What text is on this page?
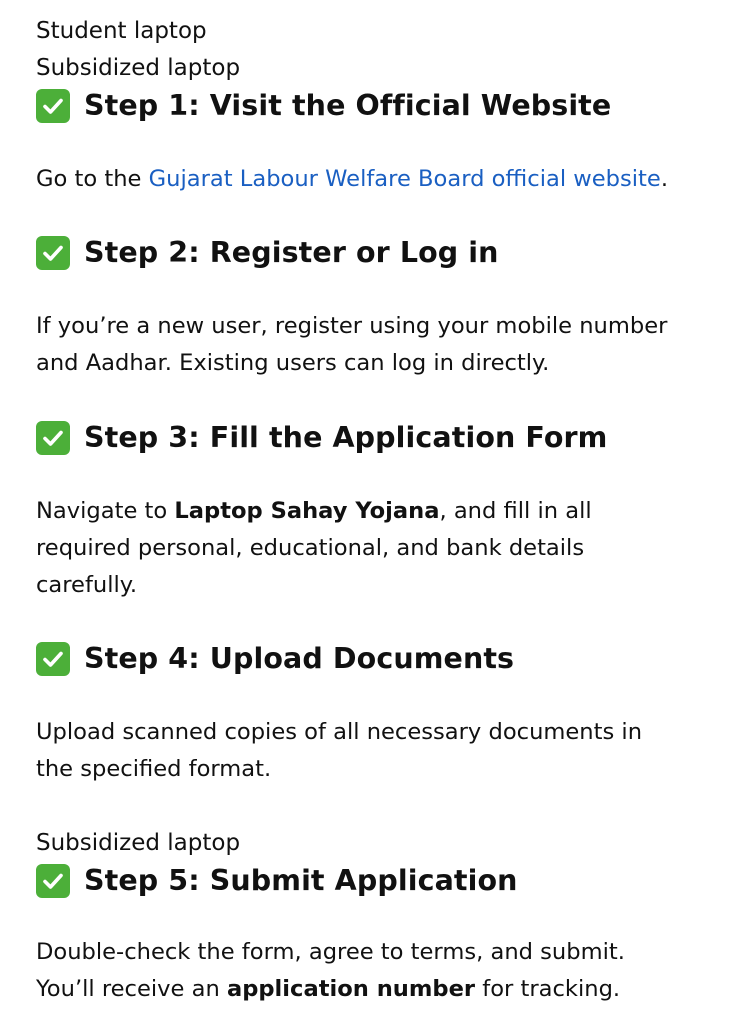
Student laptop
Subsidized laptop
Step 1: Visit the Official Website
Go to the Gujarat Labour Welfare Board official website.
Step 2: Register or Log in
If you’re a new user, register using your mobile number
and Aadhar. Existing users can log in directly.
Step 3: Fill the Application Form
Navigate to Laptop Sahay Yojana, and fill in all
required personal, educational, and bank details
carefully.
Step 4: Upload Documents
Upload scanned copies of all necessary documents in
the specified format.
Subsidized laptop
Step 5: Submit Application
Double-check the form, agree to terms, and submit.
You’ll receive an application number for tracking.
